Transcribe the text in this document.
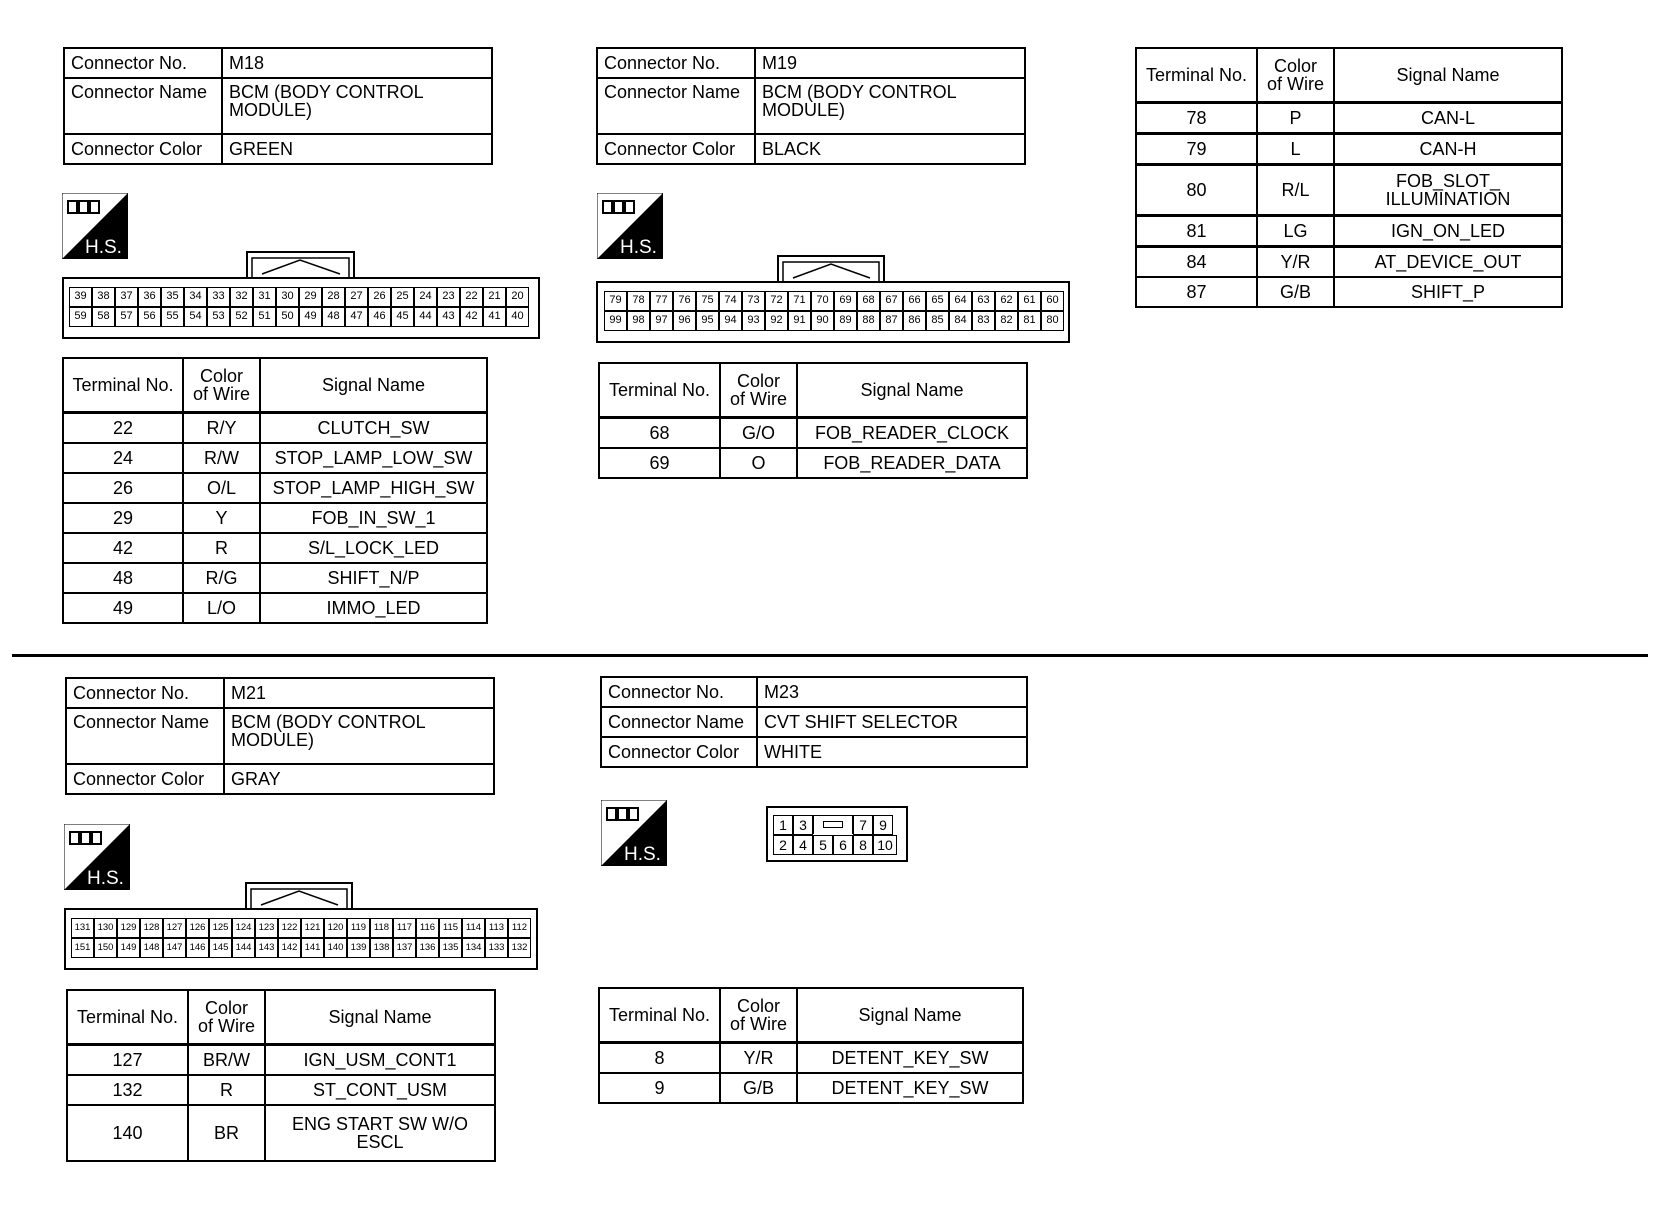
Connector No.	M18
Connector Name	BCM (BODY CONTROL MODULE)
Connector Color	GREEN
H.S.
39 38 37 36 35 34 33 32 31 30 29 28 27 26 25 24 23 22 21 20
59 58 57 56 55 54 53 52 51 50 49 48 47 46 45 44 43 42 41 40
Terminal No.	Color of Wire	Signal Name
22	R/Y	CLUTCH_SW
24	R/W	STOP_LAMP_LOW_SW
26	O/L	STOP_LAMP_HIGH_SW
29	Y	FOB_IN_SW_1
42	R	S/L_LOCK_LED
48	R/G	SHIFT_N/P
49	L/O	IMMO_LED
Connector No.	M19
Connector Name	BCM (BODY CONTROL MODULE)
Connector Color	BLACK
H.S.
79 78 77 76 75 74 73 72 71 70 69 68 67 66 65 64 63 62 61 60
99 98 97 96 95 94 93 92 91 90 89 88 87 86 85 84 83 82 81 80
Terminal No.	Color of Wire	Signal Name
68	G/O	FOB_READER_CLOCK
69	O	FOB_READER_DATA
Terminal No.	Color of Wire	Signal Name
78	P	CAN-L
79	L	CAN-H
80	R/L	FOB_SLOT_ ILLUMINATION
81	LG	IGN_ON_LED
84	Y/R	AT_DEVICE_OUT
87	G/B	SHIFT_P
Connector No.	M21
Connector Name	BCM (BODY CONTROL MODULE)
Connector Color	GRAY
H.S.
131 130 129 128 127 126 125 124 123 122 121 120 119 118 117 116 115 114 113 112
151 150 149 148 147 146 145 144 143 142 141 140 139 138 137 136 135 134 133 132
Terminal No.	Color of Wire	Signal Name
127	BR/W	IGN_USM_CONT1
132	R	ST_CONT_USM
140	BR	ENG START SW W/O ESCL
Connector No.	M23
Connector Name	CVT SHIFT SELECTOR
Connector Color	WHITE
H.S.
1 3	7 9
2 4 5 6 8 10
Terminal No.	Color of Wire	Signal Name
8	Y/R	DETENT_KEY_SW
9	G/B	DETENT_KEY_SW
